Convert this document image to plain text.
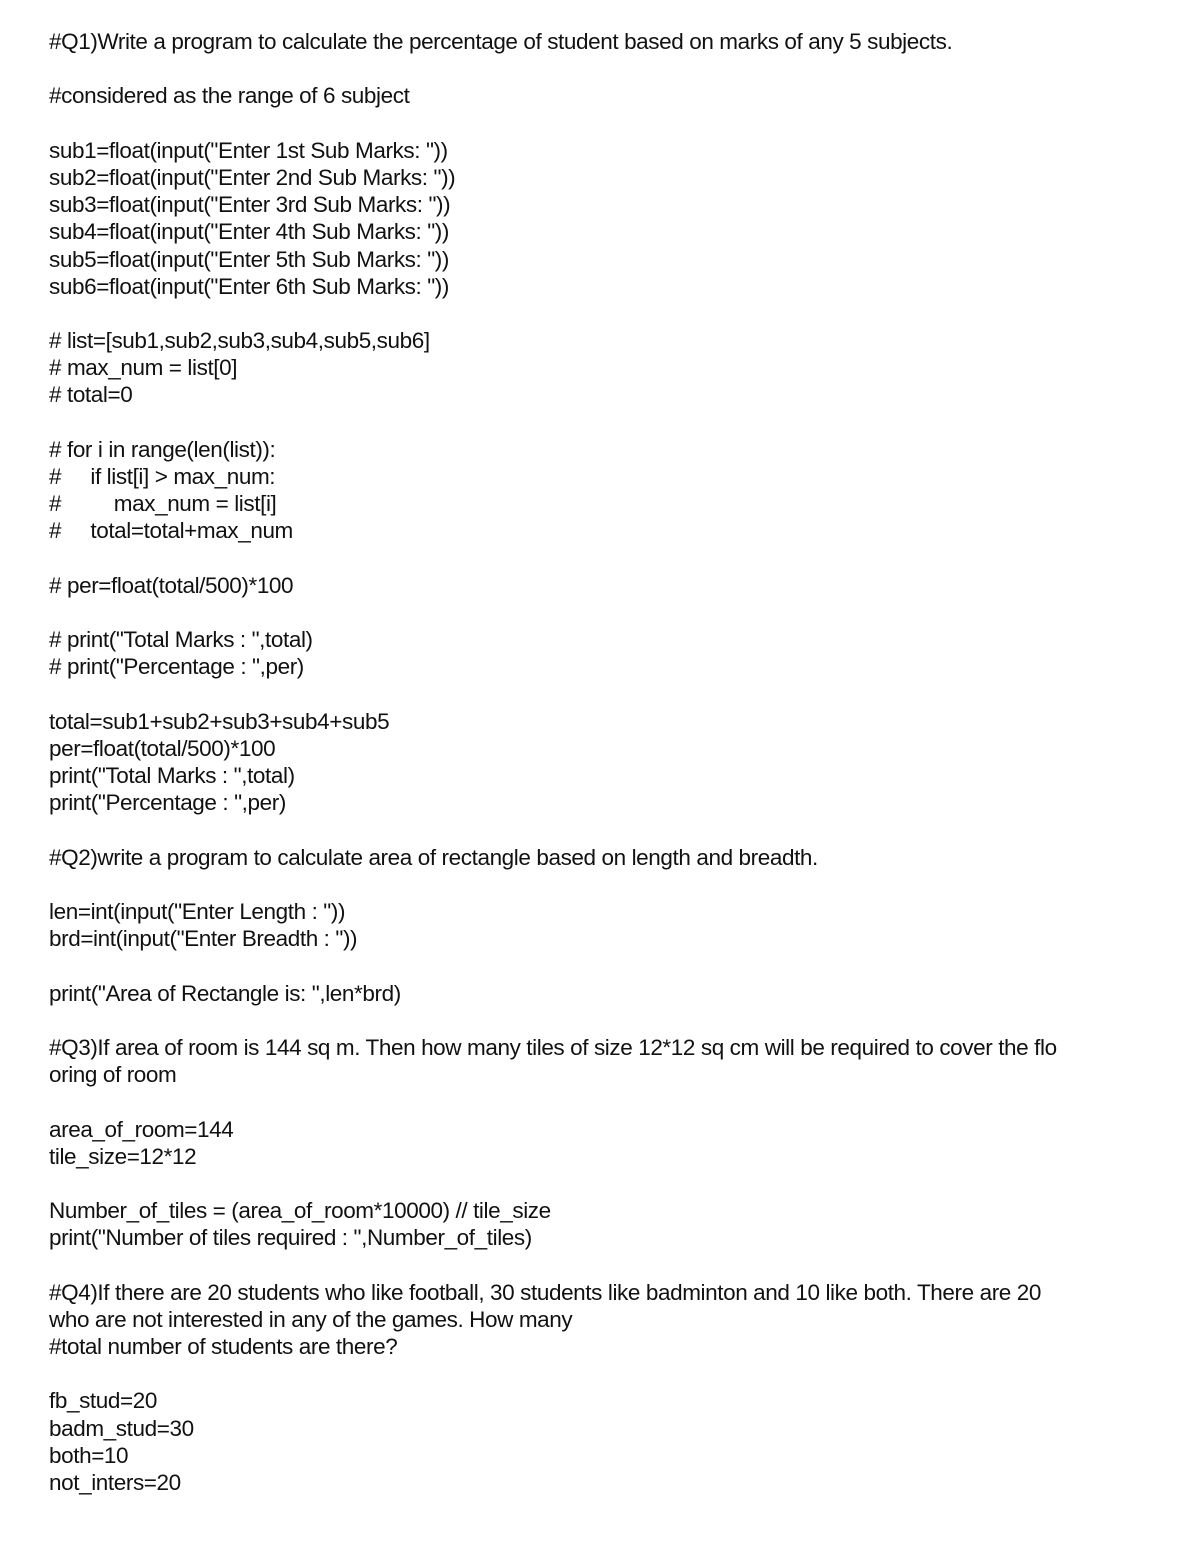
#Q1)Write a program to calculate the percentage of student based on marks of any 5 subjects.
#considered as the range of 6 subject
sub1=float(input("Enter 1st Sub Marks: "))
sub2=float(input("Enter 2nd Sub Marks: "))
sub3=float(input("Enter 3rd Sub Marks: "))
sub4=float(input("Enter 4th Sub Marks: "))
sub5=float(input("Enter 5th Sub Marks: "))
sub6=float(input("Enter 6th Sub Marks: "))
# list=[sub1,sub2,sub3,sub4,sub5,sub6]
# max_num = list[0]
# total=0
# for i in range(len(list)):
#     if list[i] > max_num:
#         max_num = list[i]
#     total=total+max_num
# per=float(total/500)*100
# print("Total Marks : ",total)
# print("Percentage : ",per)
total=sub1+sub2+sub3+sub4+sub5
per=float(total/500)*100
print("Total Marks : ",total)
print("Percentage : ",per)
#Q2)write a program to calculate area of rectangle based on length and breadth.
len=int(input("Enter Length : "))
brd=int(input("Enter Breadth : "))
print("Area of Rectangle is: ",len*brd)
#Q3)If area of room is 144 sq m. Then how many tiles of size 12*12 sq cm will be required to cover the flo
oring of room
area_of_room=144
tile_size=12*12
Number_of_tiles = (area_of_room*10000) // tile_size
print("Number of tiles required : ",Number_of_tiles)
#Q4)If there are 20 students who like football, 30 students like badminton and 10 like both. There are 20
who are not interested in any of the games. How many
#total number of students are there?
fb_stud=20
badm_stud=30
both=10
not_inters=20
